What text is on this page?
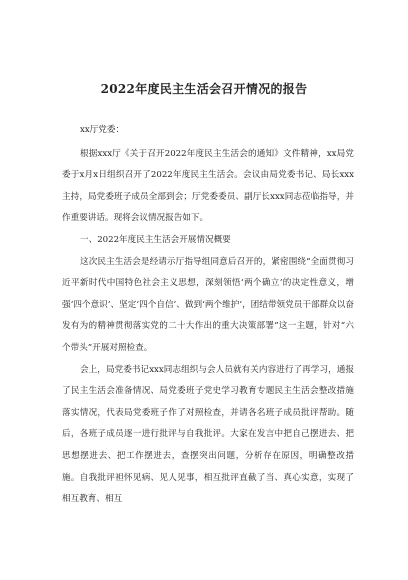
2022年度民主生活会召开情况的报告

xx厅党委：

根据xxx厅《关于召开2022年度民主生活会的通知》文件精神，xx局党委于x月x日组织召开了2022年度民主生活会。会议由局党委书记、局长xxx主持，局党委班子成员全部到会；厅党委委员、副厅长xxx同志莅临指导，并作重要讲话。现将会议情况报告如下。

一、2022年度民主生活会开展情况概要

这次民主生活会是经请示厅指导组同意后召开的，紧密围绕“全面贯彻习近平新时代中国特色社会主义思想，深刻领悟‘两个确立’的决定性意义，增强‘四个意识’、坚定‘四个自信’、做到‘两个维护’，团结带领党员干部群众以奋发有为的精神贯彻落实党的二十大作出的重大决策部署”这一主题，针对“六个带头”开展对照检查。

会上，局党委书记xxx同志组织与会人员就有关内容进行了再学习，通报了民主生活会准备情况、局党委班子党史学习教育专题民主生活会整改措施落实情况，代表局党委班子作了对照检查，并请各名班子成员批评帮助。随后，各班子成员逐一进行批评与自我批评。大家在发言中把自己摆进去、把思想摆进去、把工作摆进去，查摆突出问题，分析存在原因，明确整改措施。自我批评袒怀见病、见人见事，相互批评直截了当、真心实意，实现了相互教育、相互
